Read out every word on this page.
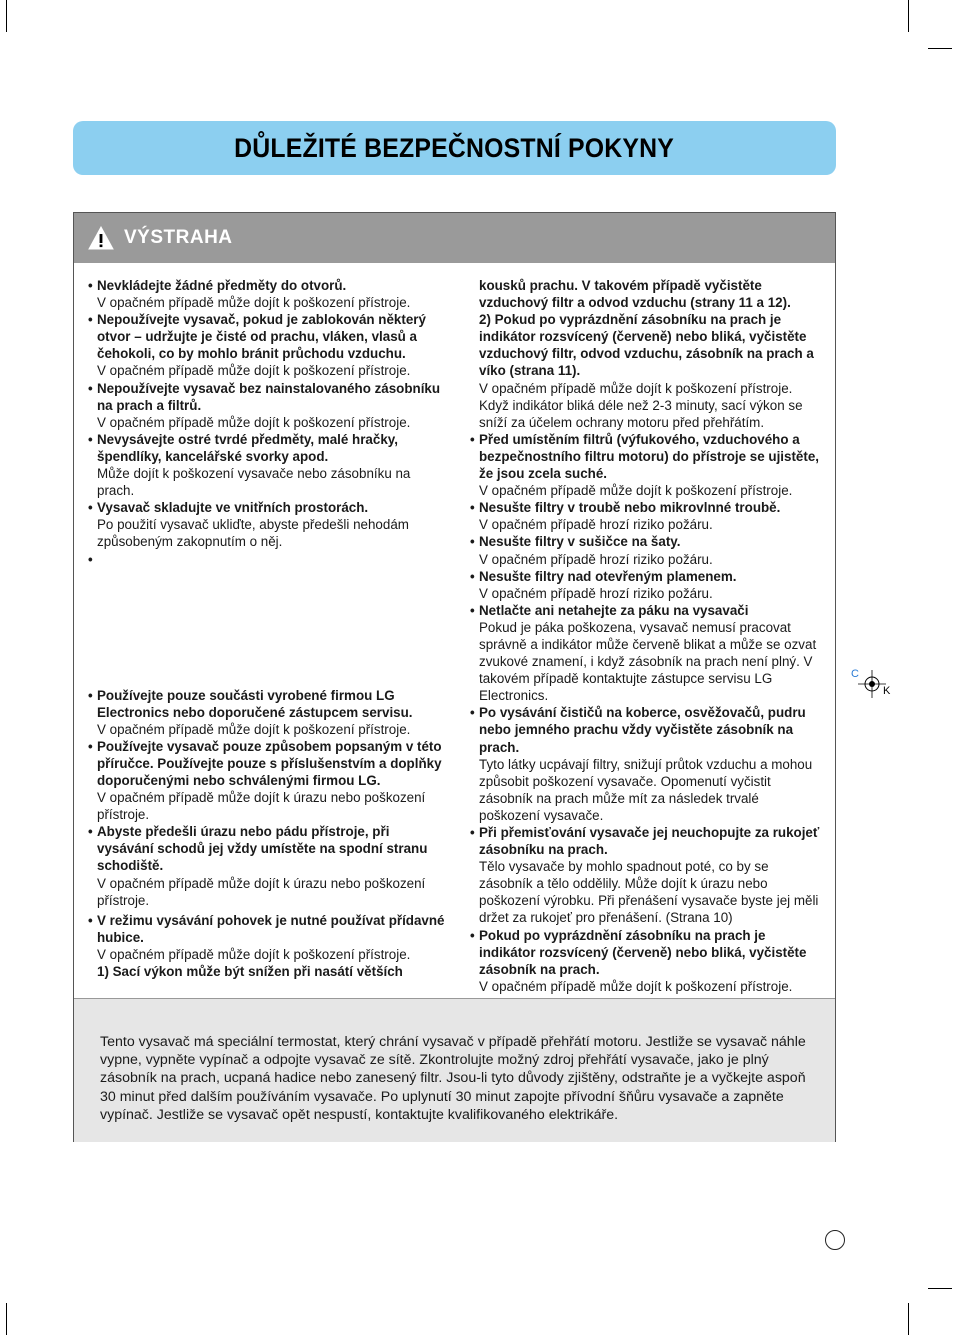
DŮLEŽITÉ BEZPEČNOSTNÍ POKYNY
VÝSTRAHA
• Nevkládejte žádné předměty do otvorů.
V opačném případě může dojít k poškození přístroje.
• Nepoužívejte vysavač, pokud je zablokován některý otvor – udržujte je čisté od prachu, vláken, vlasů a čehokoli, co by mohlo bránit průchodu vzduchu.
V opačném případě může dojít k poškození přístroje.
• Nepoužívejte vysavač bez nainstalovaného zásobníku na prach a filtrů.
V opačném případě může dojít k poškození přístroje.
• Nevysávejte ostré tvrdé předměty, malé hračky, špendlíky, kancelářské svorky apod.
Může dojít k poškození vysavače nebo zásobníku na prach.
• Vysavač skladujte ve vnitřních prostorách.
Po použití vysavač ukliďte, abyste předešli nehodám způsobeným zakopnutím o něj.
•
• Používejte pouze součásti vyrobené firmou LG Electronics nebo doporučené zástupcem servisu.
V opačném případě může dojít k poškození přístroje.
• Používejte vysavač pouze způsobem popsaným v této příručce. Používejte pouze s příslušenstvím a doplňky doporučenými nebo schválenými firmou LG.
V opačném případě může dojít k úrazu nebo poškození přístroje.
• Abyste předešli úrazu nebo pádu přístroje, při vysávání schodů jej vždy umístěte na spodní stranu schodiště.
V opačném případě může dojít k úrazu nebo poškození přístroje.
• V režimu vysávání pohovek je nutné používat přídavné hubice.
V opačném případě může dojít k poškození přístroje.
1) Sací výkon může být snížen při nasátí větších
kousků prachu. V takovém případě vyčistěte vzduchový filtr a odvod vzduchu (strany 11 a 12).
2) Pokud po vyprázdnění zásobníku na prach je indikátor rozsvícený (červeně) nebo bliká, vyčistěte vzduchový filtr, odvod vzduchu, zásobník na prach a víko (strana 11).
V opačném případě může dojít k poškození přístroje. Když indikátor bliká déle než 2-3 minuty, sací výkon se sníží za účelem ochrany motoru před přehřátím.
• Před umístěním filtrů (výfukového, vzduchového a bezpečnostního filtru motoru) do přístroje se ujistěte, že jsou zcela suché.
V opačném případě může dojít k poškození přístroje.
• Nesušte filtry v troubě nebo mikrovlnné troubě.
V opačném případě hrozí riziko požáru.
• Nesušte filtry v sušičce na šaty.
V opačném případě hrozí riziko požáru.
• Nesušte filtry nad otevřeným plamenem.
V opačném případě hrozí riziko požáru.
• Netlačte ani netahejte za páku na vysavači
Pokud je páka poškozena, vysavač nemusí pracovat správně a indikátor může červeně blikat a může se ozvat zvukové znamení, i když zásobník na prach není plný. V takovém případě kontaktujte zástupce servisu LG Electronics.
• Po vysávání čističů na koberce, osvěžovačů, pudru nebo jemného prachu vždy vyčistěte zásobník na prach.
Tyto látky ucpávají filtry, snižují průtok vzduchu a mohou způsobit poškození vysavače. Opomenutí vyčistit zásobník na prach může mít za následek trvalé poškození vysavače.
• Při přemisťování vysavače jej neuchopujte za rukojeť zásobníku na prach.
Tělo vysavače by mohlo spadnout poté, co by se zásobník a tělo oddělily. Může dojít k úrazu nebo poškození výrobku. Při přenášení vysavače byste jej měli držet za rukojeť pro přenášení. (Strana 10)
• Pokud po vyprázdnění zásobníku na prach je indikátor rozsvícený (červeně) nebo bliká, vyčistěte zásobník na prach.
V opačném případě může dojít k poškození přístroje.
Tento vysavač má speciální termostat, který chrání vysavač v případě přehřátí motoru. Jestliže se vysavač náhle vypne, vypněte vypínač a odpojte vysavač ze sítě. Zkontrolujte možný zdroj přehřátí vysavače, jako je plný zásobník na prach, ucpaná hadice nebo zanesený filtr. Jsou-li tyto důvody zjištěny, odstraňte je a vyčkejte aspoň 30 minut před dalším používáním vysavače. Po uplynutí 30 minut zapojte přívodní šňůru vysavače a zapněte vypínač. Jestliže se vysavač opět nespustí, kontaktujte kvalifikovaného elektrikáře.
C
K
